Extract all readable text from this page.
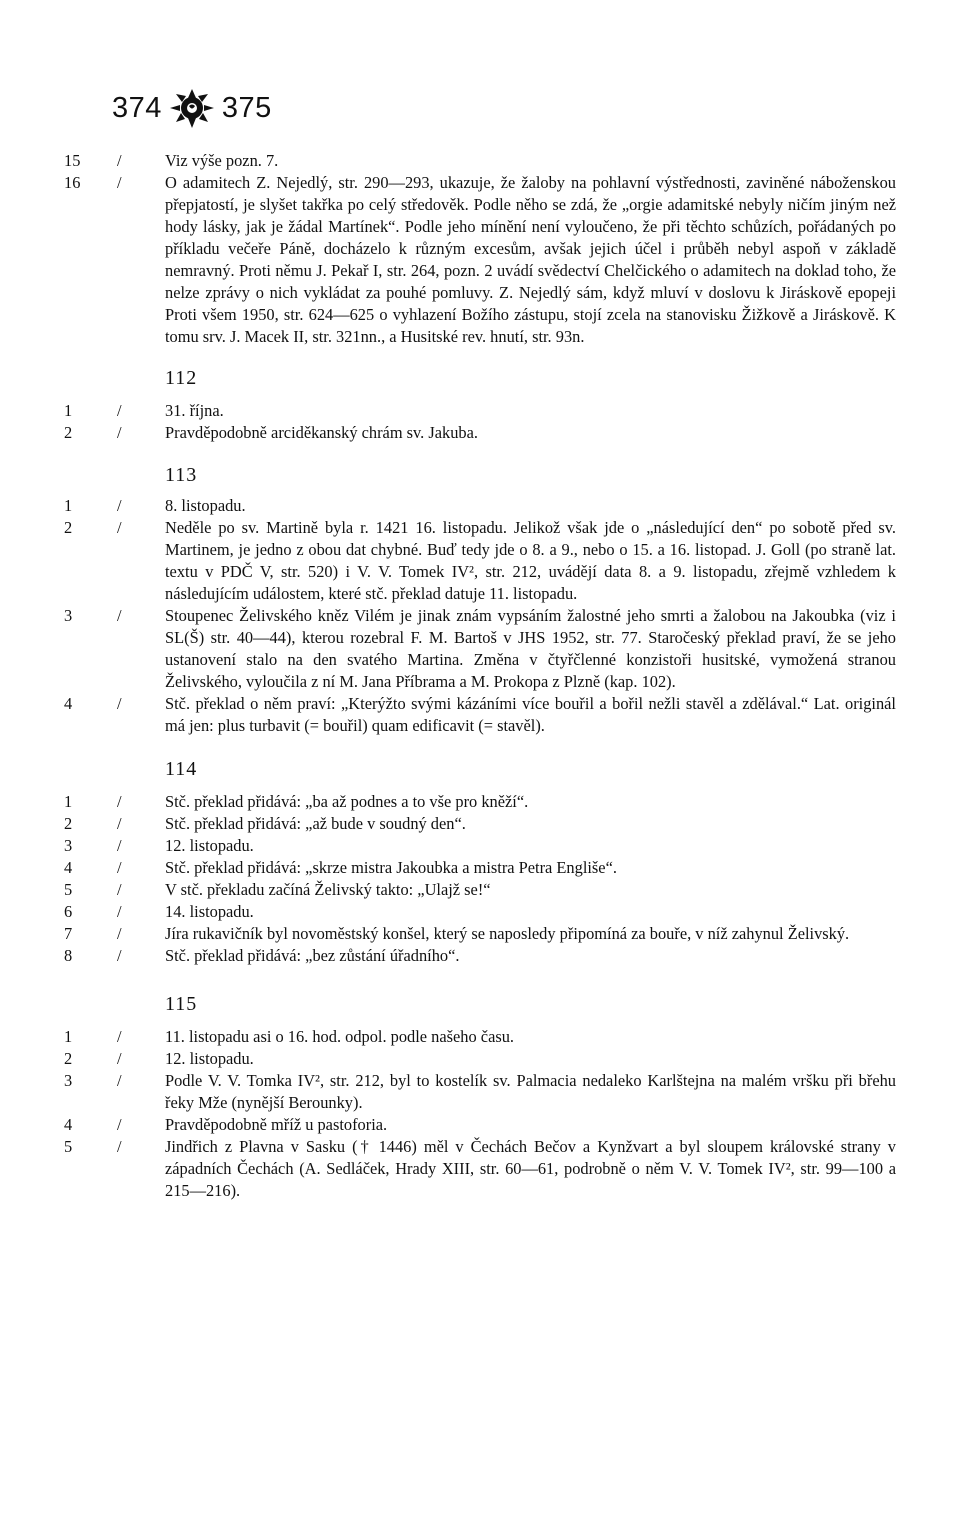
374 375
15	/	Viz výše pozn. 7.
16	/	O adamitech Z. Nejedlý, str. 290—293, ukazuje, že žaloby na pohlavní výstřednosti, zaviněné náboženskou přepjatostí, je slyšet takřka po celý středověk. Podle něho se zdá, že „orgie adamitské nebyly ničím jiným než hody lásky, jak je žádal Martínek“. Podle jeho mínění není vyloučeno, že při těchto schůzích, pořádaných po příkladu večeře Páně, docházelo k různým excesům, avšak jejich účel i průběh nebyl aspoň v základě nemravný. Proti němu J. Pekař I, str. 264, pozn. 2 uvádí svědectví Chelčického o adamitech na doklad toho, že nelze zprávy o nich vykládat za pouhé pomluvy. Z. Nejedlý sám, když mluví v doslovu k Jiráskově epopeji Proti všem 1950, str. 624—625 o vyhlazení Božího zástupu, stojí zcela na stanovisku Žižkově a Jiráskově. K tomu srv. J. Macek II, str. 321nn., a Husitské rev. hnutí, str. 93n.
112
1	/	31. října.
2	/	Pravděpodobně arciděkanský chrám sv. Jakuba.
113
1	/	8. listopadu.
2	/	Neděle po sv. Martině byla r. 1421 16. listopadu. Jelikož však jde o „následující den“ po sobotě před sv. Martinem, je jedno z obou dat chybné. Buď tedy jde o 8. a 9., nebo o 15. a 16. listopad. J. Goll (po straně lat. textu v PDČ V, str. 520) i V. V. Tomek IV², str. 212, uvádějí data 8. a 9. listopadu, zřejmě vzhledem k následujícím událostem, které stč. překlad datuje 11. listopadu.
3	/	Stoupenec Želivského kněz Vilém je jinak znám vypsáním žalostné jeho smrti a žalobou na Jakoubka (viz i SL(Š) str. 40—44), kterou rozebral F. M. Bartoš v JHS 1952, str. 77. Staročeský překlad praví, že se jeho ustanovení stalo na den svatého Martina. Změna v čtyřčlenné konzistoři husitské, vymožená stranou Želivského, vyloučila z ní M. Jana Příbrama a M. Prokopa z Plzně (kap. 102).
4	/	Stč. překlad o něm praví: „Kterýžto svými kázáními více bouřil a bořil nežli stavěl a zdělával.“ Lat. originál má jen: plus turbavit (= bouřil) quam edificavit (= stavěl).
114
1	/	Stč. překlad přidává: „ba až podnes a to vše pro kněží“.
2	/	Stč. překlad přidává: „až bude v soudný den“.
3	/	12. listopadu.
4	/	Stč. překlad přidává: „skrze mistra Jakoubka a mistra Petra Engliše“.
5	/	V stč. překladu začíná Želivský takto: „Ulajž se!“
6	/	14. listopadu.
7	/	Jíra rukavičník byl novoměstský konšel, který se naposledy připomíná za bouře, v níž zahynul Želivský.
8	/	Stč. překlad přidává: „bez zůstání úřadního“.
115
1	/	11. listopadu asi o 16. hod. odpol. podle našeho času.
2	/	12. listopadu.
3	/	Podle V. V. Tomka IV², str. 212, byl to kostelík sv. Palmacia nedaleko Karlštejna na malém vršku při břehu řeky Mže (nynější Berounky).
4	/	Pravděpodobně mříž u pastoforia.
5	/	Jindřich z Plavna v Sasku († 1446) měl v Čechách Bečov a Kynžvart a byl sloupem královské strany v západních Čechách (A. Sedláček, Hrady XIII, str. 60—61, podrobně o něm V. V. Tomek IV², str. 99—100 a 215—216).
